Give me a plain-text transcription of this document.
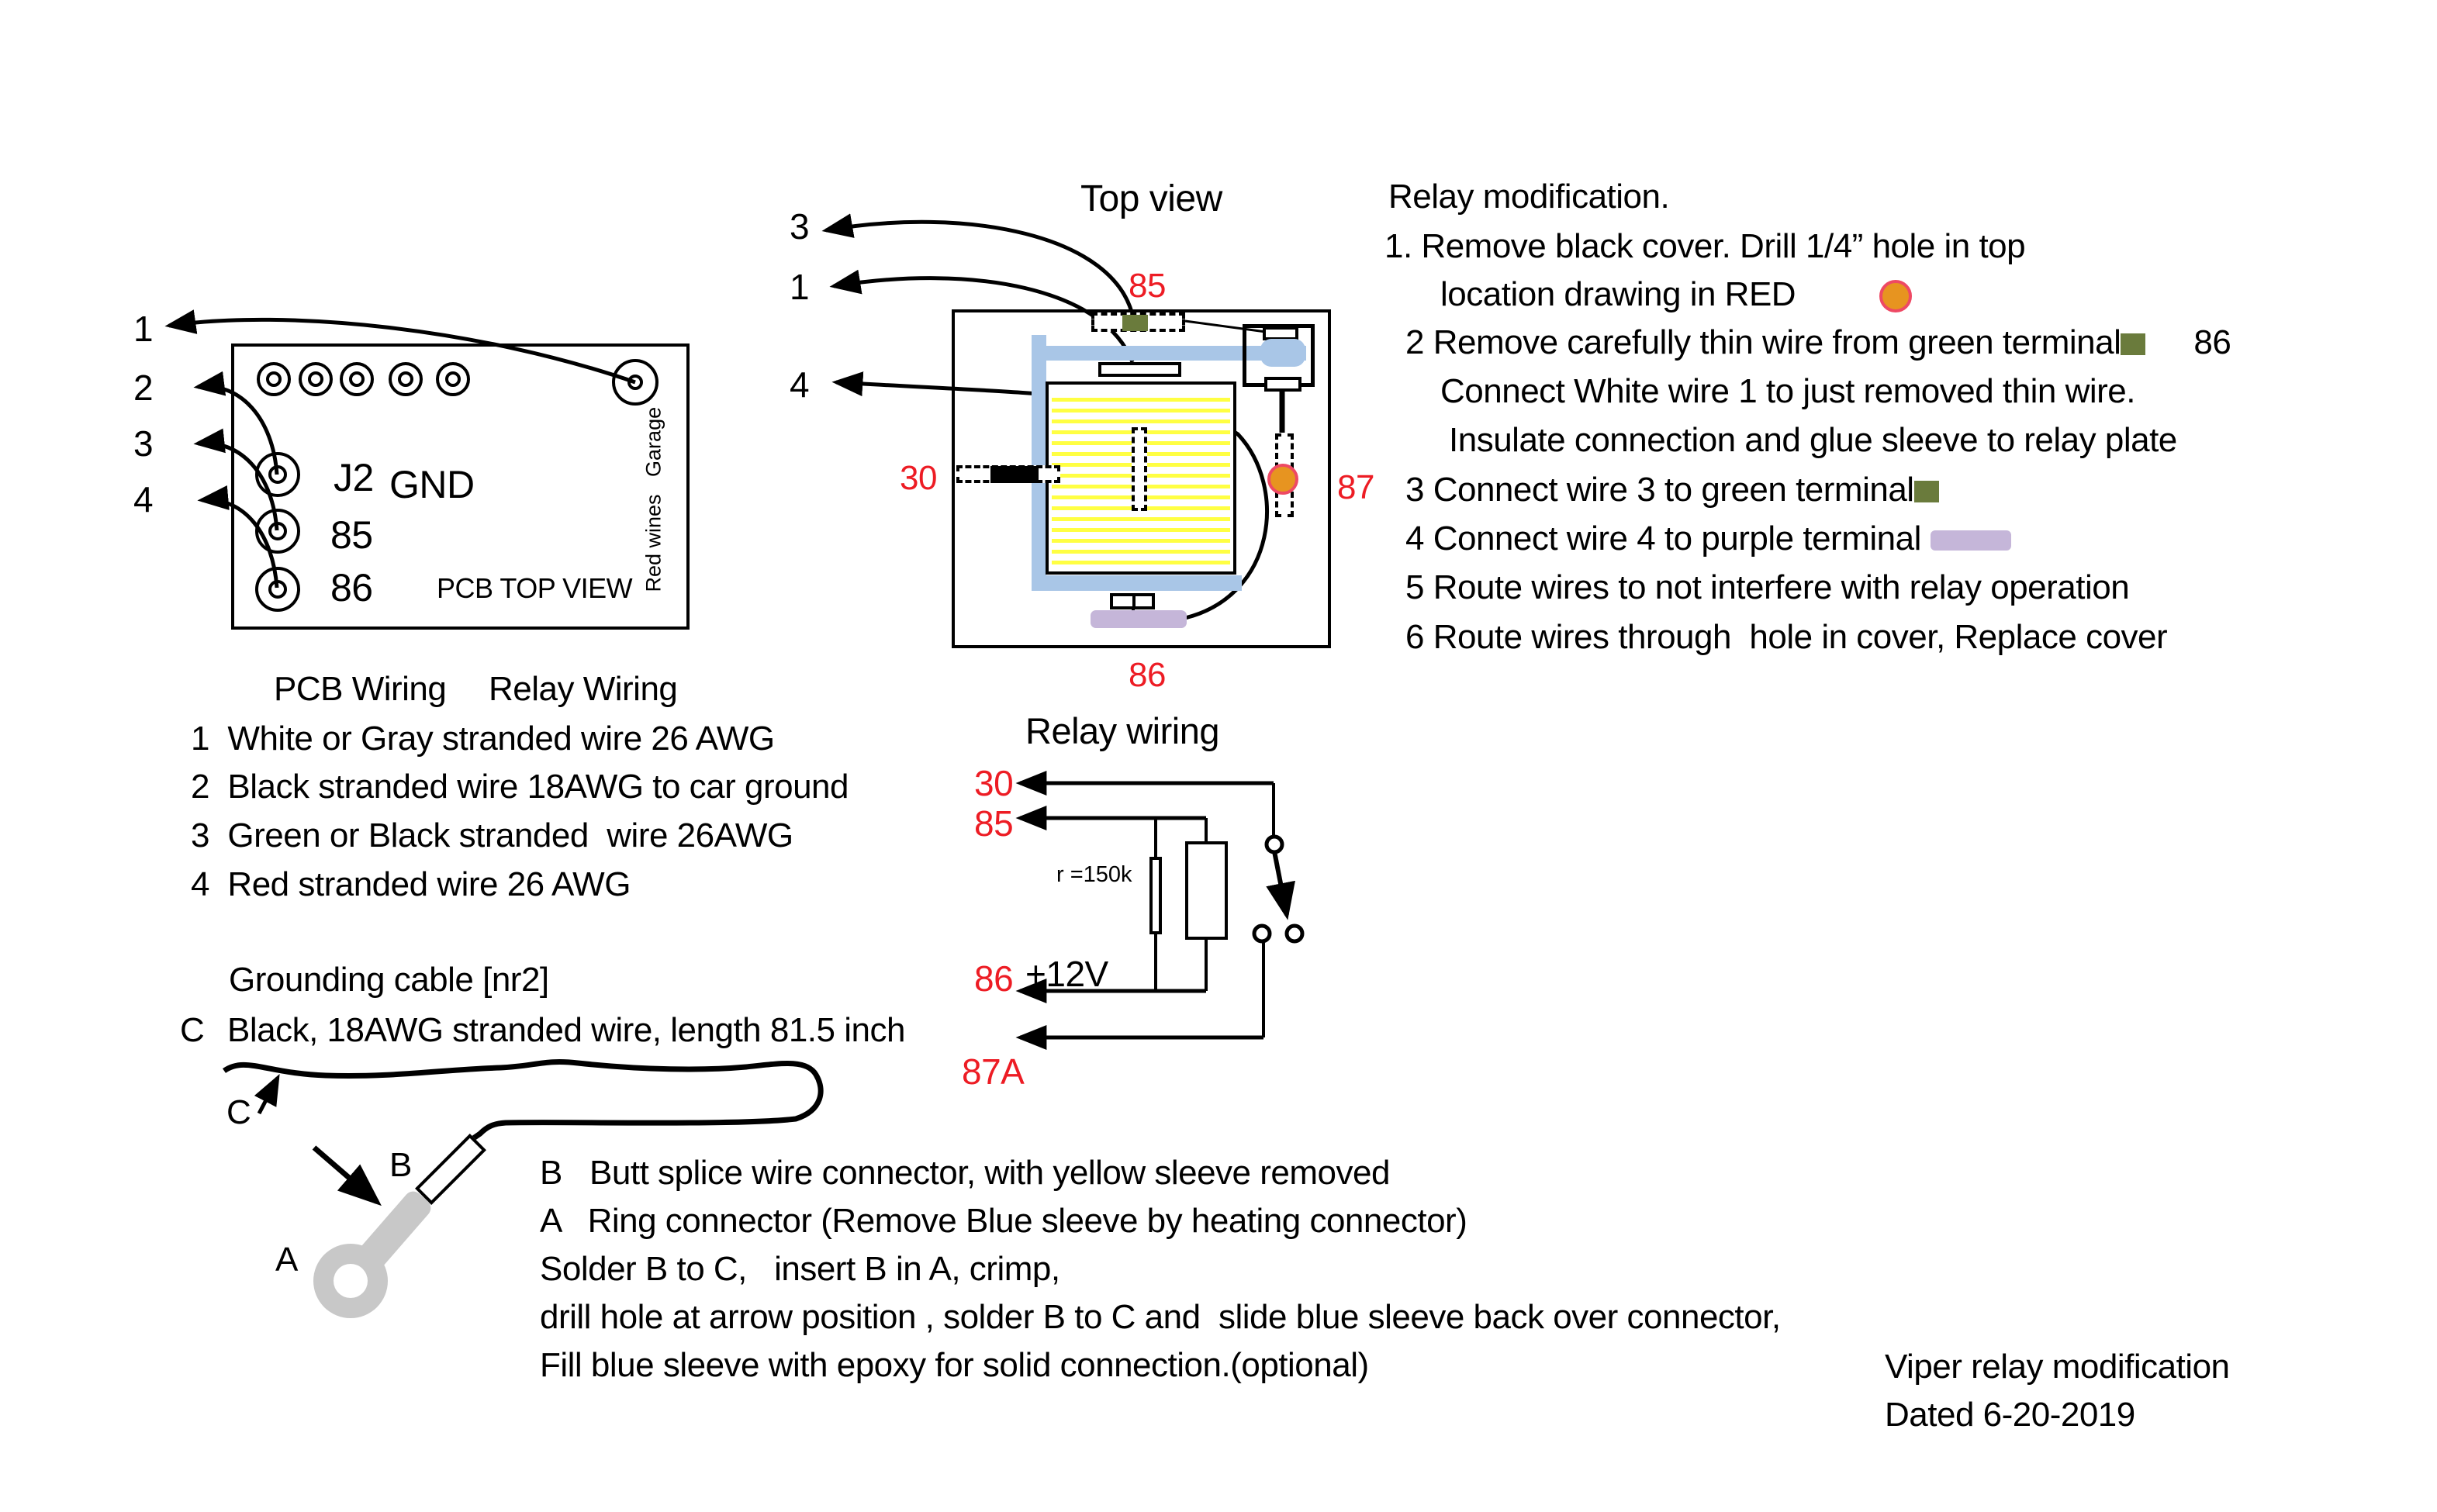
1
2
3
4	J2 GND
85
86 PCB TOP VIEW Red wines   Garage
Top view
3
1
4
85
87
30
86
Relay modification.
1. Remove black cover. Drill 1/4” hole in top
location drawing in RED
2 Remove carefully thin wire from green terminal 86
Connect White wire 1 to just removed thin wire.
Insulate connection and glue sleeve to relay plate
3 Connect wire 3 to green terminal
4 Connect wire 4 to purple terminal
5 Route wires to not interfere with relay operation
6 Route wires through  hole in cover, Replace cover
PCB Wiring Relay Wiring
1  White or Gray stranded wire 26 AWG
2  Black stranded wire 18AWG to car ground
3  Green or Black stranded  wire 26AWG
4  Red stranded wire 26 AWG
Relay wiring
30
85
86 +12V
87A
r =150k
Grounding cable [nr2]
C Black, 18AWG stranded wire, length 81.5 inch
C
B
A
B   Butt splice wire connector, with yellow sleeve removed
A   Ring connector (Remove Blue sleeve by heating connector)
Solder B to C,   insert B in A, crimp,
drill hole at arrow position , solder B to C and  slide blue sleeve back over connector,
Fill blue sleeve with epoxy for solid connection.(optional)	Viper relay modification
Dated 6-20-2019
